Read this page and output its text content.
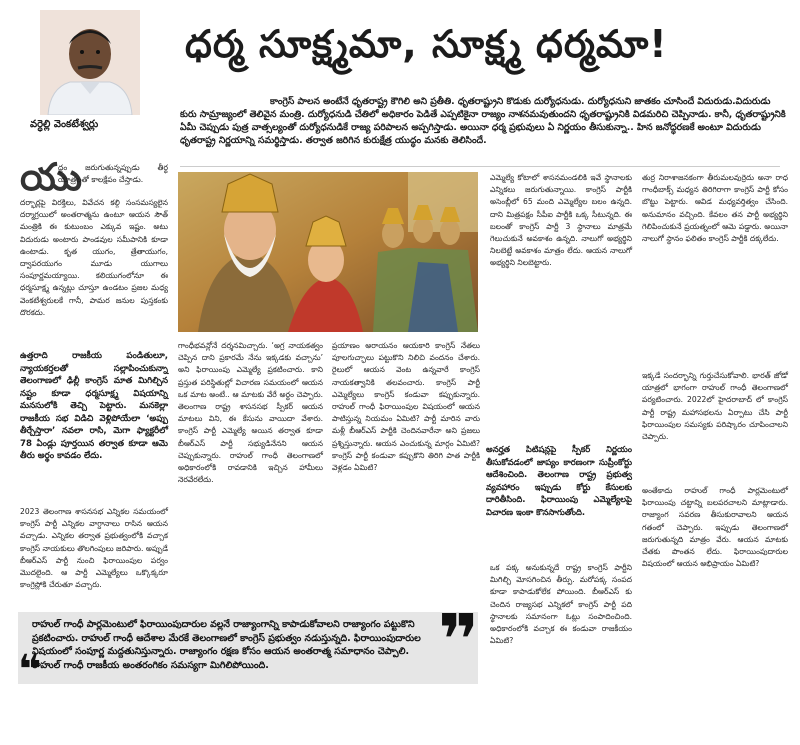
వర్ధెల్లి వెంకటేశ్వర్లు
ధర్మ సూక్ష్మమా, సూక్ష్మ ధర్మమా!
కాంగ్రెస్ పాలన అంటేనే ధృతరాష్ట్ర కౌగిలి అని ప్రతీతి. ధృతరాష్ట్రుని కొడుకు దుర్యోధనుడు. దుర్యోధనుని జాతకం చూసిందే విదురుడు.విదురుడు కురు సామ్రాజ్యంలో తెలివైన మంత్రి. దుర్యోధనుడి చేతిలో అధికారం పెడితే ఎప్పటికైనా రాజ్యం నాశనమవుతుందని ధృతరాష్ట్రునికి విడమరిచి చెప్పినాడు. కానీ, ధృతరాష్ట్రునికి ఏమీ చెప్పుడు పుత్ర వాత్సల్యంతో దుర్యోధనుడికే రాజ్య పరిపాలన అప్పగిస్తాడు. అయినా ధర్మ ప్రభువులు ఏ నిర్ణయం తీసుకున్నా.. హిన జనోద్ధరణకే అంటూ విదురుడు ధృతరాష్ట్ర నిర్ణయాన్ని సమర్థిస్తాడు. తర్వాత జరిగిన కురుక్షేత్ర యుద్ధం మనకు తెలిసిందే.
యు
ద్ధం జరుగుతున్నప్పుడు తీర్థ యాత్రలతో కాలక్షేపం చేస్తాడు.
దర్భార్లపై విరక్తిలు, వివేచన కల్గి సంసమస్యలైన దర్మాగ్రయిలో అంతరాత్మను ఉంటూ ఆయన సౌత్ మంత్రికి ఈ కుటుంబం ఎక్కువ ఇష్టం. అటు విదురుడు అంటారు పాండవుల సమీపానికి కూడా ఉంటాడు. కృత యుగం, త్రేతాయుగం, ద్వాపరయుగం మూడు యుగాలు సంపూర్ణమయ్యాయి. కలియుగంలోనూ ఈ ధర్మసూక్ష్మ ఉన్నట్లు చూస్తూ ఉండటం ప్రజల మధ్య వెంకటేశ్వరులకే గానీ, పామర జనుల పుస్తకంకు దొరకదు.
ఉత్తరాది రాజకీయ పండితులూ, న్యాయకర్తలతో సల్లాపించుకున్నా తెలంగాణలో ఢిల్లీ కాంగ్రెస్ మాత మిగిల్చిన నష్టం కూడా ధర్మసూక్ష్మ విషయాన్ని మనసులోకి తెచ్చి పెట్టారు. మనకెల్లా రాజకీయ సభ విడిచి వెళ్లిపోయేలా ‘అప్పు తీర్చేస్తారా’ నవలా రాసి, మెగా ఫ్యాక్టరీలో 78 ఏండ్లు పూర్తయిన తర్వాత కూడా ఆమె తీరు అర్థం కావడం లేదు.
2023 తెలంగాణ శాసనసభ ఎన్నికల సమయంలో కాంగ్రెస్ పార్టీ ఎన్నికల వాగ్దానాలు రాసిన ఆయన వచ్చాడు. ఎన్నికల తర్వాత ప్రభుత్వంలోకి వచ్చాక కాంగ్రెస్ నాయకులు తొలగింపులు జరిపారు. అప్పుడే బీఆర్ఎస్ పార్టీ నుంచి ఫిరాయింపుల పర్వం మొదలైంది. ఆ పార్టీ ఎమ్మెల్యేలు ఒక్కొక్కరూ కాంగ్రెస్లోకి చేరుతూ వచ్చారు.
గాంధీభవన్లోనే దర్శనమిచ్చారు. ‘అగ్ర నాయకత్వం చెప్పిన దాని ప్రకారమే నేను ఇక్కడకు వచ్చాను’ అని ఫిరాయింపు ఎమ్మెల్యే ప్రకటించారు. కాని ప్రస్తుత పరిస్థితుల్లో విచారణ సమయంలో ఆయన ఒక మాట అంటే.. ఆ మాటకు వేరే అర్థం చెప్పారు. తెలంగాణ రాష్ట్ర శాసనసభ స్పీకర్ ఆయన మాటలు విని, ఈ కేసును వాయిదా వేశారు. కాంగ్రెస్ పార్టీ ఎమ్మెల్యే అయిన తర్వాత కూడా బీఆర్ఎస్ పార్టీ సభ్యుడినేనని ఆయన చెప్పుకున్నారు. రాహుల్ గాంధీ తెలంగాణలో అధికారంలోకి రావడానికి ఇచ్చిన హామీలు నెరవేరలేదు.
ప్రయాణం అరాయనం ఆయకారి కాంగ్రెస్ నేతలు పూలగుచ్ఛాలు పట్టుకొని నిలిచి వందనం చేశారు. రైలులో ఆయన వెంట ఉన్నవారే కాంగ్రెస్ నాయకత్వానికి తలవంచారు. కాంగ్రెస్ పార్టీ ఎమ్మెల్యేలు కాంగ్రెస్ కండువా కప్పుకున్నారు. రాహుల్ గాంధీ ఫిరాయింపుల విషయంలో ఆయన పాటిస్తున్న నియమం ఏమిటి? పార్టీ మారిన వారు మళ్లీ బీఆర్ఎస్ పార్టీకి చెందినవారేనా అని ప్రజలు ప్రశ్నిస్తున్నారు. ఆయన ఎంచుకున్న మార్గం ఏమిటి? కాంగ్రెస్ పార్టీ కండువా కప్పుకొని తిరిగి పాత పార్టీకి వెళ్లడం ఏమిటి?
ఎమ్మెల్యే కోటాలో శాసనమండలికి ఇవే స్థానాలకు ఎన్నికలు జరుగుతున్నాయి. కాంగ్రెస్ పార్టీకి అసెంబ్లీలో 65 మంది ఎమ్మెల్యేల బలం ఉన్నది. దాని మిత్రపక్షం సీపీఐ పార్టీకి ఒక్క సీటున్నది. ఈ బలంతో కాంగ్రెస్ పార్టీ 3 స్థానాలు మాత్రమే గెలుచుకునే అవకాశం ఉన్నది. నాలుగో అభ్యర్థిని నిలబెట్టే అవకాశం మాత్రం లేదు. ఆయన నాలుగో అభ్యర్థిని నిలబెట్టారు.
అనర్హత పిటిషన్లపై స్పీకర్ నిర్ణయం తీసుకోవడంలో జాప్యం కారణంగా సుప్రీంకోర్టు ఆదేశించింది. తెలంగాణ రాష్ట్ర ప్రభుత్వ వ్యవహారం ఇప్పుడు కోర్టు కేసులకు దారితీసింది. ఫిరాయింపు ఎమ్మెల్యేలపై విచారణ ఇంకా కొనసాగుతోంది.
ఒక పక్క అనుకున్నదే రాష్ట్ర కాంగ్రెస్ పార్టీని మిగిల్చి మోసగించిన తీర్పు. మరోపక్క సంపద కూడా కాపాడుకోలేక పోయింది. బీఆర్ఎస్ కు చెందిన రాజ్యసభ ఎన్నికలో కాంగ్రెస్ పార్టీ పది స్థానాలకు సమానంగా ఓట్లు సంపాదించింది. అధికారంలోకి వచ్చాక ఈ కండువా రాజకీయం ఏమిటి?
తుర్ర నిరాశాజనకంగా తీరుమలవుర్రెదు అనా రాధ గాంధీబాక్స్ మధ్యన తిరిగిరాగా కాంగ్రెస్ పార్టీ కోసం బొట్టు పెట్టారు. ఆవిడ మధ్యవర్తిత్వం చేసింది. అనుమానం వచ్చింది. కేవలం తన పార్టీ అభ్యర్థిని గెలిపించుకునే ప్రయత్నంలో ఆమె పడ్డారు. అయినా నాలుగో స్థానం ఫలితం కాంగ్రెస్ పార్టీకి దక్కలేదు.
ఇక్కడే సందర్భాన్ని గుర్తుచేసుకోవాలి. భారత్ జోడో యాత్రలో భాగంగా రాహుల్ గాంధీ తెలంగాణలో పర్యటించారు. 2022లో హైదరాబాద్ లో కాంగ్రెస్ పార్టీ రాష్ట్ర మహాసభలను ఏర్పాటు చేసి పార్టీ ఫిరాయింపుల సమస్యకు పరిష్కారం చూపించాలని చెప్పారు.
అంతేకాదు రాహుల్ గాంధీ పార్లమెంటులో ఫిరాయింపు చట్టాన్ని బలపరచాలని మాట్లాడారు. రాజ్యాంగ సవరణ తీసుకురావాలని ఆయన గతంలో చెప్పారు. ఇప్పుడు తెలంగాణలో జరుగుతున్నది మాత్రం వేరు. ఆయన మాటకు చేతకు పొంతన లేదు. ఫిరాయింపుదారుల విషయంలో ఆయన అభిప్రాయం ఏమిటి?
రాహుల్ గాంధీ పార్లమెంటులో ఫిరాయింపుదారుల వల్లనే రాజ్యాంగాన్ని కాపాడుకోవాలని రాజ్యాంగం పట్టుకొని ప్రకటించారు. రాహుల్ గాంధీ ఆదేశాల మేరకే తెలంగాణలో కాంగ్రెస్ ప్రభుత్వం నడుస్తున్నది. ఫిరాయింపుదారుల విషయంలో సంపూర్ణ మద్దతునిస్తున్నారు. రాజ్యాంగం రక్షణ కోసం ఆయన అంతరాత్మ సమాధానం చెప్పాలి. రాహుల్ గాంధీ రాజకీయ అంతరంగికం సమస్యగా మిగిలిపోయింది.	❞
❝
